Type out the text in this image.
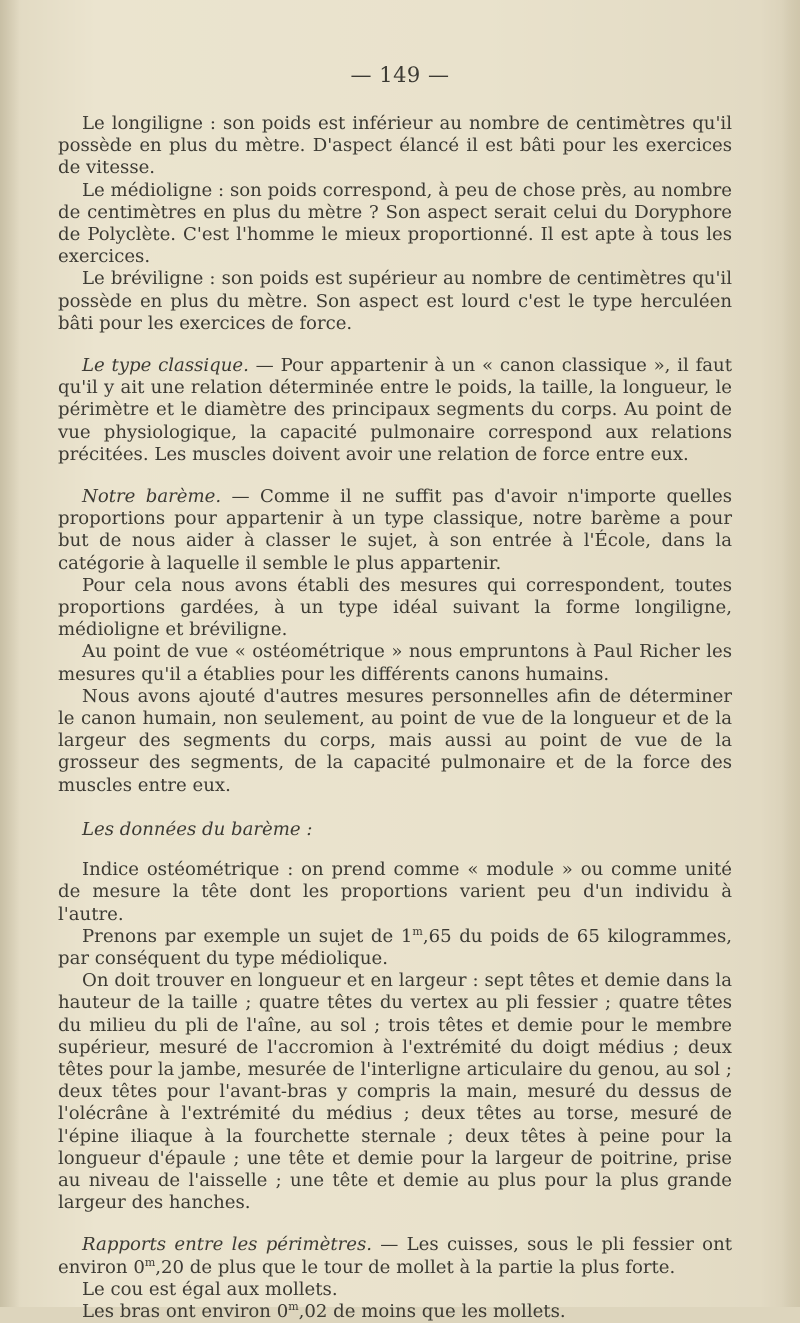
— 149 —

Le longiligne : son poids est inférieur au nombre de centimètres qu'il possède en plus du mètre. D'aspect élancé il est bâti pour les exercices de vitesse.

Le médioligne : son poids correspond, à peu de chose près, au nombre de centimètres en plus du mètre ? Son aspect serait celui du Doryphore de Polyclète. C'est l'homme le mieux proportionné. Il est apte à tous les exercices.

Le bréviligne : son poids est supérieur au nombre de centimètres qu'il possède en plus du mètre. Son aspect est lourd c'est le type herculéen bâti pour les exercices de force.

Le type classique. — Pour appartenir à un « canon classique », il faut qu'il y ait une relation déterminée entre le poids, la taille, la longueur, le périmètre et le diamètre des principaux segments du corps. Au point de vue physiologique, la capacité pulmonaire correspond aux relations précitées. Les muscles doivent avoir une relation de force entre eux.

Notre barème. — Comme il ne suffit pas d'avoir n'importe quelles proportions pour appartenir à un type classique, notre barème a pour but de nous aider à classer le sujet, à son entrée à l'École, dans la catégorie à laquelle il semble le plus appartenir.

Pour cela nous avons établi des mesures qui correspondent, toutes proportions gardées, à un type idéal suivant la forme longiligne, médioligne et bréviligne.

Au point de vue « ostéométrique » nous empruntons à Paul Richer les mesures qu'il a établies pour les différents canons humains.

Nous avons ajouté d'autres mesures personnelles afin de déterminer le canon humain, non seulement, au point de vue de la longueur et de la largeur des segments du corps, mais aussi au point de vue de la grosseur des segments, de la capacité pulmonaire et de la force des muscles entre eux.

Les données du barème :

Indice ostéométrique : on prend comme « module » ou comme unité de mesure la tête dont les proportions varient peu d'un individu à l'autre.

Prenons par exemple un sujet de 1$^m$,65 du poids de 65 kilogrammes, par conséquent du type médiolique.

On doit trouver en longueur et en largeur : sept têtes et demie dans la hauteur de la taille ; quatre têtes du vertex au pli fessier ; quatre têtes du milieu du pli de l'aîne, au sol ; trois têtes et demie pour le membre supérieur, mesuré de l'accromion à l'extrémité du doigt médius ; deux têtes pour la jambe, mesurée de l'interligne articulaire du genou, au sol ; deux têtes pour l'avant-bras y compris la main, mesuré du dessus de l'olécrâne à l'extrémité du médius ; deux têtes au torse, mesuré de l'épine iliaque à la fourchette sternale ; deux têtes à peine pour la longueur d'épaule ; une tête et demie pour la largeur de poitrine, prise au niveau de l'aisselle ; une tête et demie au plus pour la plus grande largeur des hanches.

Rapports entre les périmètres. — Les cuisses, sous le pli fessier ont environ 0$^m$,20 de plus que le tour de mollet à la partie la plus forte.

Le cou est égal aux mollets.

Les bras ont environ 0$^m$,02 de moins que les mollets.
